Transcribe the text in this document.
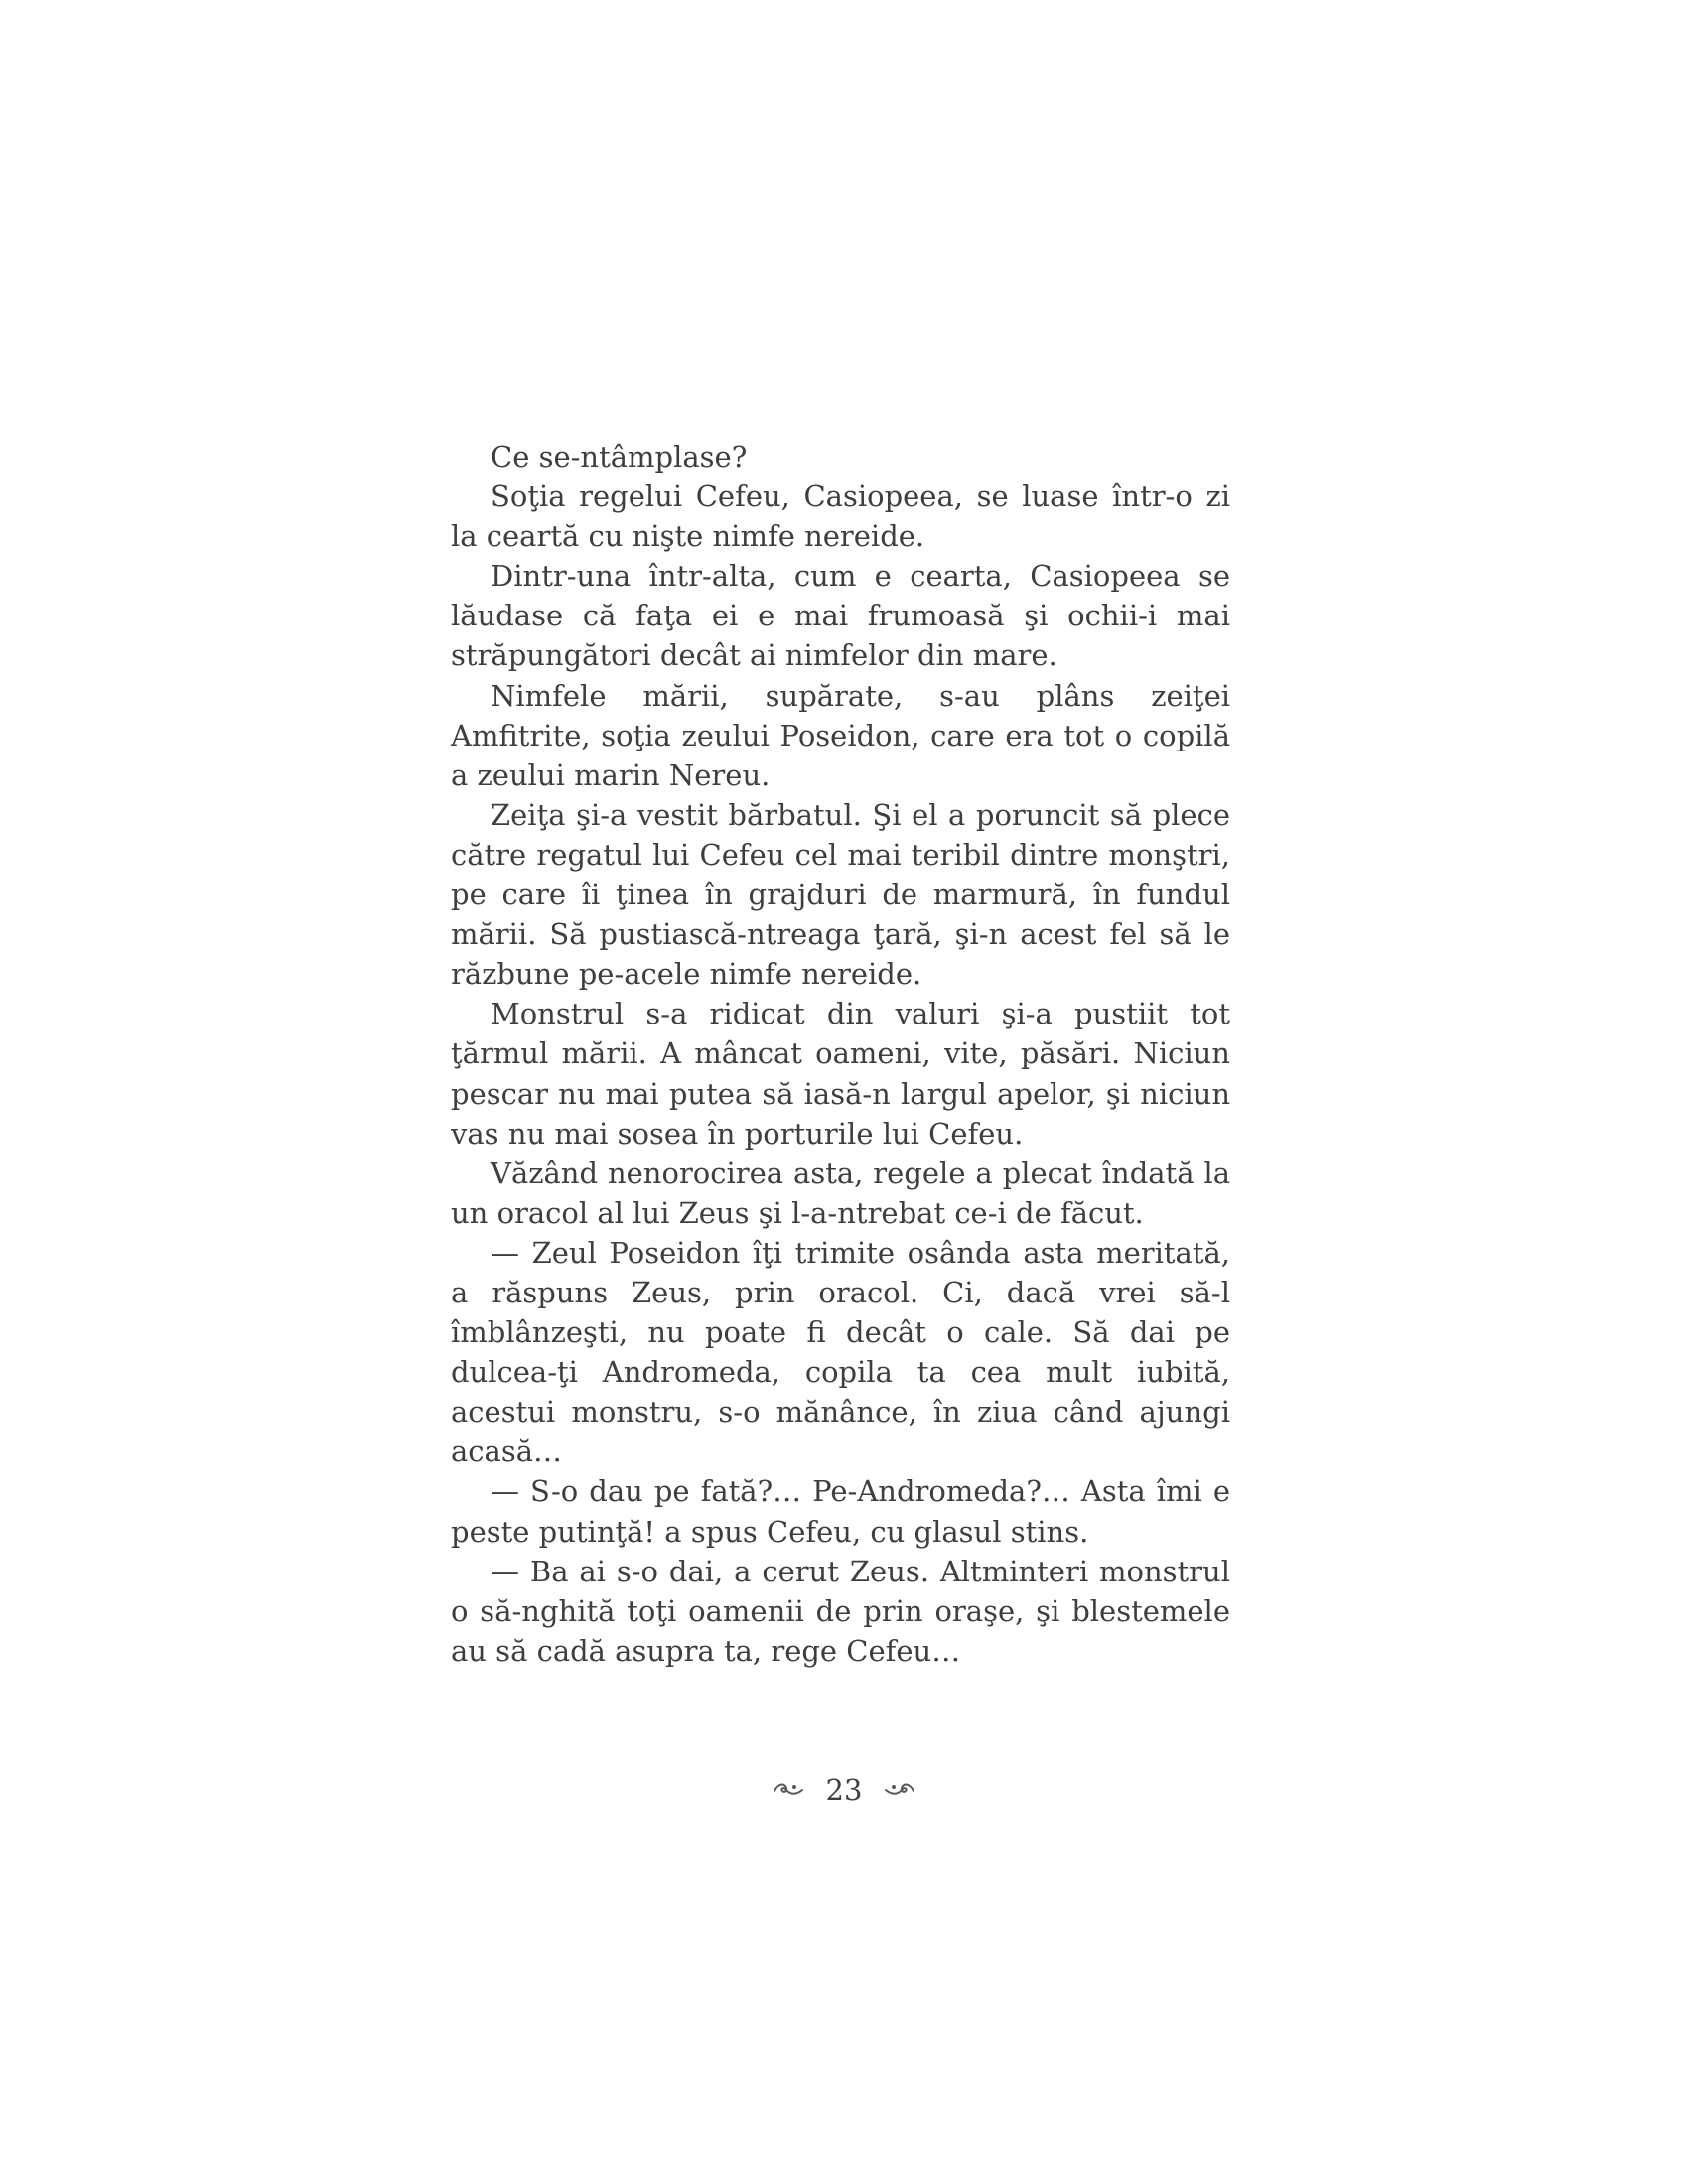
Ce se-ntâmplase?

Soţia regelui Cefeu, Casiopeea, se luase într-o zi la ceartă cu nişte nimfe nereide.

Dintr-una într-alta, cum e cearta, Casiopeea se lăudase că faţa ei e mai frumoasă şi ochii-i mai străpungători decât ai nimfelor din mare.

Nimfele mării, supărate, s-au plâns zeiţei Amfitrite, soţia zeului Poseidon, care era tot o copilă a zeului marin Nereu.

Zeiţa şi-a vestit bărbatul. Şi el a poruncit să plece către regatul lui Cefeu cel mai teribil dintre monştri, pe care îi ţinea în grajduri de marmură, în fundul mării. Să pustiască-ntreaga ţară, şi-n acest fel să le răzbune pe-acele nimfe nereide.

Monstrul s-a ridicat din valuri şi-a pustiit tot ţărmul mării. A mâncat oameni, vite, păsări. Niciun pescar nu mai putea să iasă-n largul apelor, şi niciun vas nu mai sosea în porturile lui Cefeu.

Văzând nenorocirea asta, regele a plecat îndată la un oracol al lui Zeus şi l-a-ntrebat ce-i de făcut.

— Zeul Poseidon îţi trimite osânda asta meritată, a răspuns Zeus, prin oracol. Ci, dacă vrei să-l îmblânzeşti, nu poate fi decât o cale. Să dai pe dulcea-ţi Andromeda, copila ta cea mult iubită, acestui monstru, s-o mănânce, în ziua când ajungi acasă…

— S-o dau pe fată?… Pe-Andromeda?… Asta îmi e peste putinţă! a spus Cefeu, cu glasul stins.

— Ba ai s-o dai, a cerut Zeus. Altminteri monstrul o să-nghită toţi oamenii de prin oraşe, şi blestemele au să cadă asupra ta, rege Cefeu…

23
